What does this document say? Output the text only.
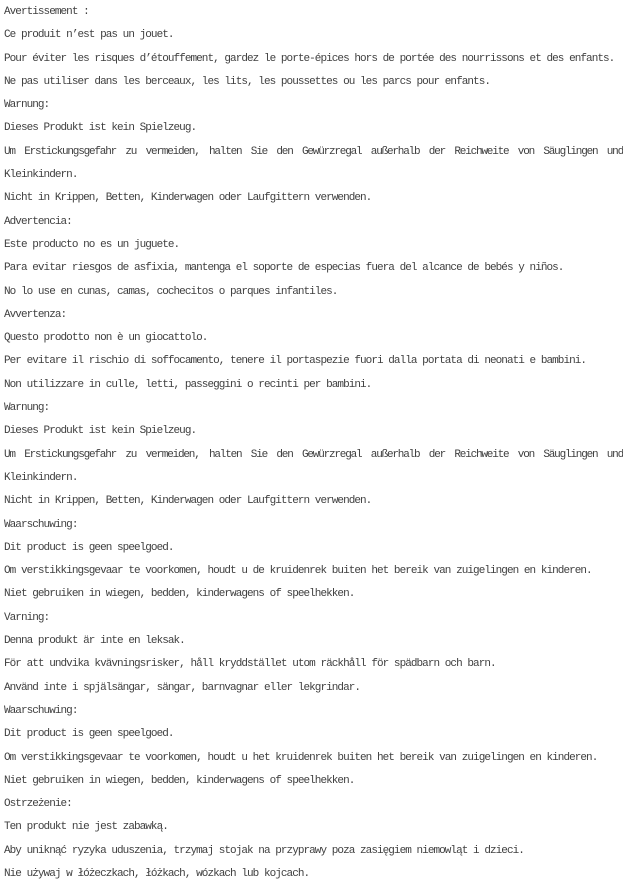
Avertissement :
Ce produit n’est pas un jouet.
Pour éviter les risques d’étouffement, gardez le porte-épices hors de portée des nourrissons et des enfants.
Ne pas utiliser dans les berceaux, les lits, les poussettes ou les parcs pour enfants.
Warnung:
Dieses Produkt ist kein Spielzeug.
Um Erstickungsgefahr zu vermeiden, halten Sie den Gewürzregal außerhalb der Reichweite von Säuglingen und
Kleinkindern.
Nicht in Krippen, Betten, Kinderwagen oder Laufgittern verwenden.
Advertencia:
Este producto no es un juguete.
Para evitar riesgos de asfixia, mantenga el soporte de especias fuera del alcance de bebés y niños.
No lo use en cunas, camas, cochecitos o parques infantiles.
Avvertenza:
Questo prodotto non è un giocattolo.
Per evitare il rischio di soffocamento, tenere il portaspezie fuori dalla portata di neonati e bambini.
Non utilizzare in culle, letti, passeggini o recinti per bambini.
Warnung:
Dieses Produkt ist kein Spielzeug.
Um Erstickungsgefahr zu vermeiden, halten Sie den Gewürzregal außerhalb der Reichweite von Säuglingen und
Kleinkindern.
Nicht in Krippen, Betten, Kinderwagen oder Laufgittern verwenden.
Waarschuwing:
Dit product is geen speelgoed.
Om verstikkingsgevaar te voorkomen, houdt u de kruidenrek buiten het bereik van zuigelingen en kinderen.
Niet gebruiken in wiegen, bedden, kinderwagens of speelhekken.
Varning:
Denna produkt är inte en leksak.
För att undvika kvävningsrisker, håll kryddstället utom räckhåll för spädbarn och barn.
Använd inte i spjälsängar, sängar, barnvagnar eller lekgrindar.
Waarschuwing:
Dit product is geen speelgoed.
Om verstikkingsgevaar te voorkomen, houdt u het kruidenrek buiten het bereik van zuigelingen en kinderen.
Niet gebruiken in wiegen, bedden, kinderwagens of speelhekken.
Ostrzeżenie:
Ten produkt nie jest zabawką.
Aby uniknąć ryzyka uduszenia, trzymaj stojak na przyprawy poza zasięgiem niemowląt i dzieci.
Nie używaj w łóżeczkach, łóżkach, wózkach lub kojcach.
